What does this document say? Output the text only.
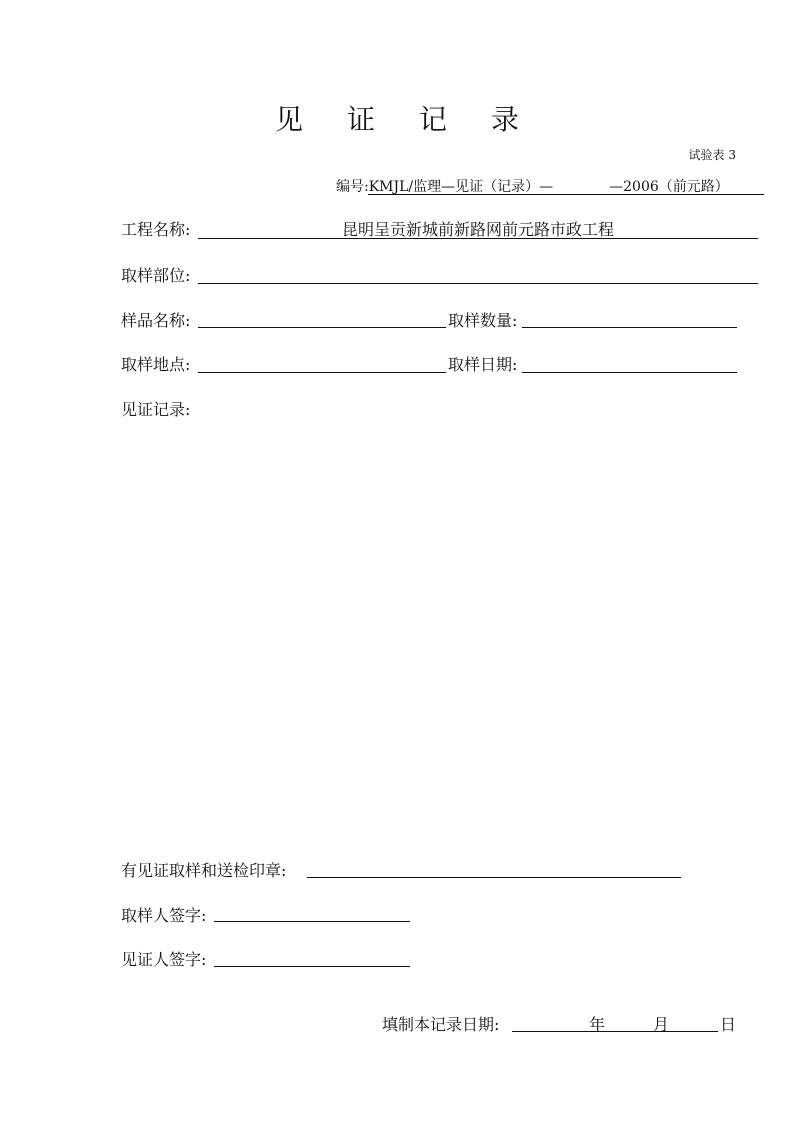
见 证 记 录
试验表 3
编号:KMJL/监理—见证（记录）—	—2006（前元路）
工程名称:	昆明呈贡新城前新路网前元路市政工程
取样部位:
样品名称:	取样数量:
取样地点:	取样日期:
见证记录:
有见证取样和送检印章:
取样人签字:
见证人签字:
填制本记录日期:	年	月	日
